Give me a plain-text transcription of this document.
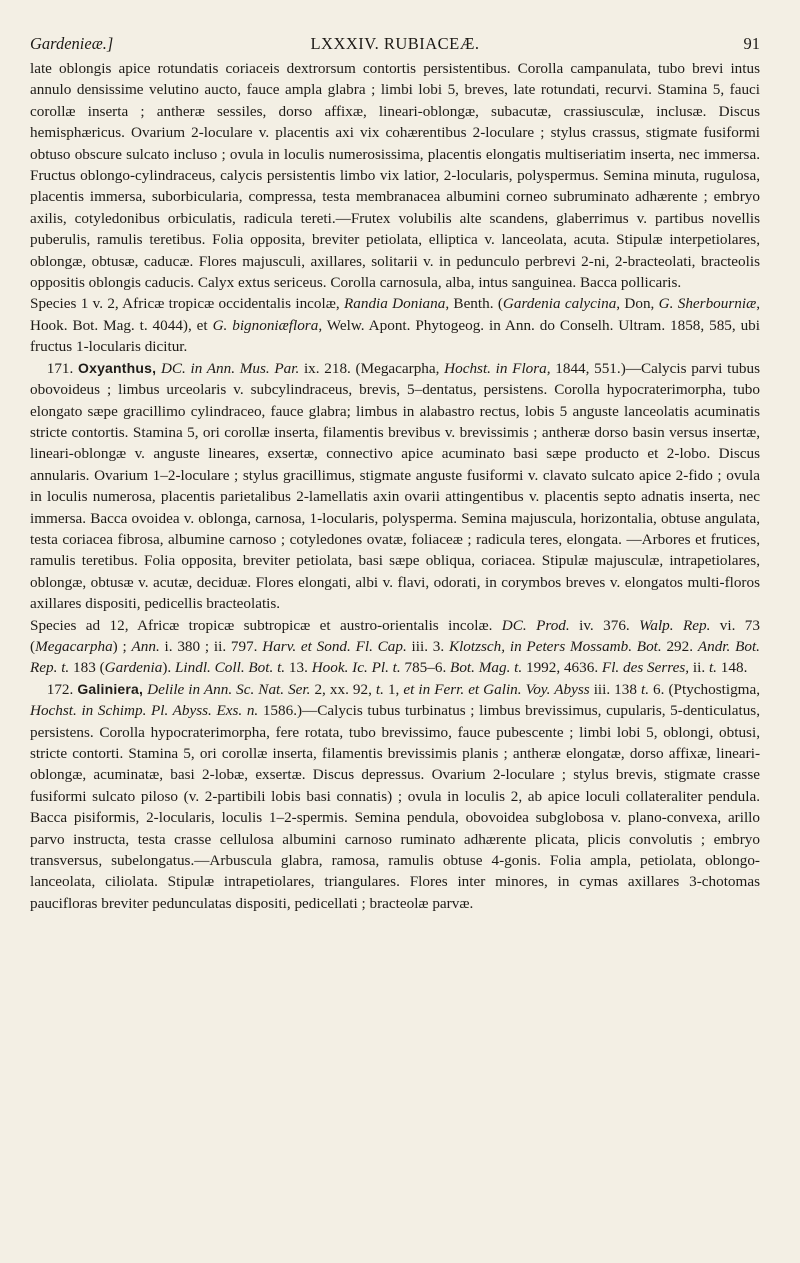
Gardenieæ.]	LXXXIV. RUBIACEÆ.	91

late oblongis apice rotundatis coriaceis dextrorsum contortis persistentibus. Corolla campanulata, tubo brevi intus annulo densissime velutino aucto, fauce ampla glabra ; limbi lobi 5, breves, late rotundati, recurvi. Stamina 5, fauci corollæ inserta ; antheræ sessiles, dorso affixæ, lineari-oblongæ, subacutæ, crassiusculæ, inclusæ. Discus hemisphæricus. Ovarium 2-loculare v. placentis axi vix cohærentibus 2-loculare ; stylus crassus, stigmate fusiformi obtuso obscure sulcato incluso ; ovula in loculis numerosissima, placentis elongatis multiseriatim inserta, nec immersa. Fructus oblongo-cylindraceus, calycis persistentis limbo vix latior, 2-locularis, polyspermus. Semina minuta, rugulosa, placentis immersa, suborbicularia, compressa, testa membranacea albumini corneo subruminato adhærente ; embryo axilis, cotyledonibus orbiculatis, radicula tereti.—Frutex volubilis alte scandens, glaberrimus v. partibus novellis puberulis, ramulis teretibus. Folia opposita, breviter petiolata, elliptica v. lanceolata, acuta. Stipulæ interpetiolares, oblongæ, obtusæ, caducæ. Flores majusculi, axillares, solitarii v. in pedunculo perbrevi 2-ni, 2-bracteolati, bracteolis oppositis oblongis caducis. Calyx extus sericeus. Corolla carnosula, alba, intus sanguinea. Bacca pollicaris.

Species 1 v. 2, Africæ tropicæ occidentalis incolæ, Randia Doniana, Benth. (Gardenia calycina, Don, G. Sherbourniæ, Hook. Bot. Mag. t. 4044), et G. bignoniæflora, Welw. Apont. Phytogeog. in Ann. do Conselh. Ultram. 1858, 585, ubi fructus 1-locularis dicitur.

171. Oxyanthus, DC. in Ann. Mus. Par. ix. 218. (Megacarpha, Hochst. in Flora, 1844, 551.)—Calycis parvi tubus obovoideus ; limbus urceolaris v. subcylindraceus, brevis, 5–dentatus, persistens. Corolla hypocraterimorpha, tubo elongato sæpe gracillimo cylindraceo, fauce glabra; limbus in alabastro rectus, lobis 5 anguste lanceolatis acuminatis stricte contortis. Stamina 5, ori corollæ inserta, filamentis brevibus v. brevissimis ; antheræ dorso basin versus insertæ, lineari-oblongæ v. anguste lineares, exsertæ, connectivo apice acuminato basi sæpe producto et 2-lobo. Discus annularis. Ovarium 1–2-loculare ; stylus gracillimus, stigmate anguste fusiformi v. clavato sulcato apice 2-fido ; ovula in loculis numerosa, placentis parietalibus 2-lamellatis axin ovarii attingentibus v. placentis septo adnatis inserta, nec immersa. Bacca ovoidea v. oblonga, carnosa, 1-locularis, polysperma. Semina majuscula, horizontalia, obtuse angulata, testa coriacea fibrosa, albumine carnoso ; cotyledones ovatæ, foliaceæ ; radicula teres, elongata. —Arbores et frutices, ramulis teretibus. Folia opposita, breviter petiolata, basi sæpe obliqua, coriacea. Stipulæ majusculæ, intrapetiolares, oblongæ, obtusæ v. acutæ, deciduæ. Flores elongati, albi v. flavi, odorati, in corymbos breves v. elongatos multi-floros axillares dispositi, pedicellis bracteolatis.

Species ad 12, Africæ tropicæ subtropicæ et austro-orientalis incolæ. DC. Prod. iv. 376. Walp. Rep. vi. 73 (Megacarpha) ; Ann. i. 380 ; ii. 797. Harv. et Sond. Fl. Cap. iii. 3. Klotzsch, in Peters Mossamb. Bot. 292. Andr. Bot. Rep. t. 183 (Gardenia). Lindl. Coll. Bot. t. 13. Hook. Ic. Pl. t. 785–6. Bot. Mag. t. 1992, 4636. Fl. des Serres, ii. t. 148.

172. Galiniera, Delile in Ann. Sc. Nat. Ser. 2, xx. 92, t. 1, et in Ferr. et Galin. Voy. Abyss iii. 138 t. 6. (Ptychostigma, Hochst. in Schimp. Pl. Abyss. Exs. n. 1586.)—Calycis tubus turbinatus ; limbus brevissimus, cupularis, 5-denticulatus, persistens. Corolla hypocraterimorpha, fere rotata, tubo brevissimo, fauce pubescente ; limbi lobi 5, oblongi, obtusi, stricte contorti. Stamina 5, ori corollæ inserta, filamentis brevissimis planis ; antheræ elongatæ, dorso affixæ, lineari-oblongæ, acuminatæ, basi 2-lobæ, exsertæ. Discus depressus. Ovarium 2-loculare ; stylus brevis, stigmate crasse fusiformi sulcato piloso (v. 2-partibili lobis basi connatis) ; ovula in loculis 2, ab apice loculi collateraliter pendula. Bacca pisiformis, 2-locularis, loculis 1–2-spermis. Semina pendula, obovoidea subglobosa v. plano-convexa, arillo parvo instructa, testa crasse cellulosa albumini carnoso ruminato adhærente plicata, plicis convolutis ; embryo transversus, subelongatus.—Arbuscula glabra, ramosa, ramulis obtuse 4-gonis. Folia ampla, petiolata, oblongo-lanceolata, ciliolata. Stipulæ intrapetiolares, triangulares. Flores inter minores, in cymas axillares 3-chotomas paucifloras breviter pedunculatas dispositi, pedicellati ; bracteolæ parvæ.
